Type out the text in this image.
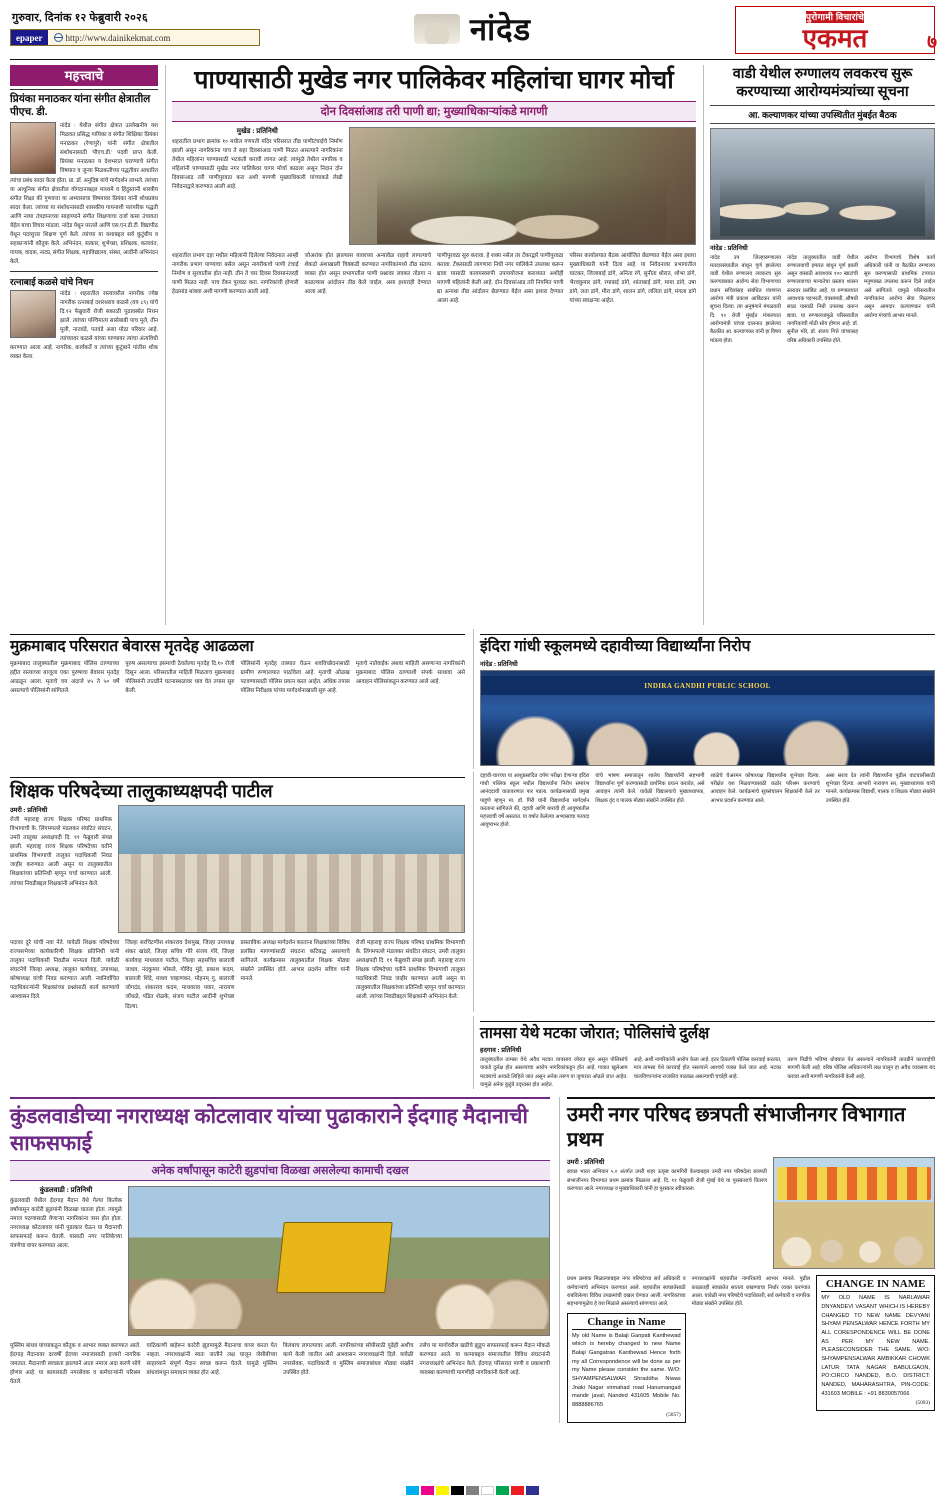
गुरुवार, दिनांक १२ फेब्रुवारी २०२६
epaper	http://www.dainikekmat.com	नांदेड	पुरोगामी विचारांचे
एकमत	७
महत्त्वाचे
प्रियंका मनाठकर यांना संगीत क्षेत्रातील पीएच. डी.
नांदेड : येथील संगीत क्षेत्रात उल्लेखनीय यश मिळवत प्रसिद्ध गायिका व संगीत शिक्षिका प्रियंका मनाठकर (रेणापुरे) यांनी संगीत क्षेत्रातील संशोधनासाठी 'पीएच.डी.' पदवी प्राप्त केली. प्रियंका मनाठकर य देशभरात घराण्याचे संगीत विषयात व जुन्या मिळकतीच्या पद्धतीवर आधारित त्यांचा प्रबंध सादर केला होता. प्रा. डॉ. अनुदिष्ठ यांचे मार्गदर्शन लाभले. त्यांच्या या आधुनिक संगीत क्षेत्रातील योगदानाबद्दल माध्यमे व हिंदुस्तानी शास्त्रीय संगीत शिक्षा की गुणवत्ता या अभ्यासाचा विषयावर प्रियंका यांनी शोधप्रबंध सादर केला. त्यांच्या या संशोधनासाठी शासकीय गायनाशी पारंपरिक पद्धती आणि नव्या तंत्रज्ञानाच्या साहाय्याने संगीत शिक्षणाचा दर्जा कसा उंचावता येईल याचा विचार मांडला. नांदेड येथून परतले आणि एस.एन.डी.टी. विद्यापीठ येथून पदव्युत्तर शिक्षण पूर्ण केले. त्यांच्या या यशाबद्दल सर्व कुटुंबीय व सहकाऱ्यांनी कौतुक केले. अभिनंदन, सत्कार, शुभेच्छा, प्रशिक्षक, कलावंत, गायक, वादक, नाट्य, संगीत शिक्षक, महाविद्यालय, संस्था, आदींनी अभिनंदन केले.
रत्नाबाई कळसे यांचे निधन
नांदेड : शहरातील रस्त्यावरील नागरीक ज्येष्ठ नागरीक रत्नाबाई दशरथराव कळसे (वय ८९) यांचे दि.१२ फेब्रुवारी रोजी सकाळी पुढावस्थेत निधन झाले. त्यांच्या पश्चिमात्य सासेबाबी पाच मुले, तीन मुली, नातवंडे, पतवंडे असा मोठा परिवार आहे. त्यांच्यावर कळसे यांच्या पाण्यावर त्यांचा अंत्यविधी करण्यात आला आहे. नागरीक, कार्यकर्ते व त्यांच्या कुटुंबाने पांतीस शोक व्यक्त केला.
पाण्यासाठी मुखेड नगर पालिकेवर महिलांचा घागर मोर्चा
दोन दिवसांआड तरी पाणी द्या; मुख्याधिकाऱ्यांकडे मागणी
मुखेड : प्रतिनिधी
शहरातील प्रभाग क्रमांक १० मधील गणपती मंदिर परिसरात तीव्र पाणीटंचाईचे निर्माण झाली असून नागरिकांना पाच ते सहा दिवसांआड पाणी मिळत असल्याने नागरिकांना तेथील महिलांना पाण्यासाठी भटकंती करावी लागत आहे. त्यामुळे तेथील नागरिक व महिलांनी पाण्यासाठी मुखेड नगर पालिकेवर घागर मोर्चा काढला असून निदान दोन दिवसांआड तरी पाणीपुरवठा करा अशी मागणी मुख्याधिकारी यांच्याकडे लेखी निवेदनाद्वारे करण्यात आली आहे.
शहरातील प्रभाग दहा मधील महिलांनी दिलेल्या निवेदनात आम्ही नागरीक प्रभाग पाण्याचा बसेल असून नागरीकाचे पाणी टंचाई निर्माण व सुरवातीस होत नाही. तीन ते चार दिवस दिवसानंतरही पाणी मिळत नाही. पाच टँकर पुरवठा करा. नागरिकांची होणारी हेळसांड थांबवा अशी मागणी करण्यात आली आहे.
जोअरांक होत झाल्यास यावरच्या अन्यावेळ राहावे लागल्याचे शेकडो अंशाखाली चिक्कडी करण्यात नागरिकांमध्ये तीव्र संताप व्यक्त होत असून प्रभागातील पाणी प्रश्नावर लवकर तोडगा न काढल्यास आंदोलन तीव्र केले जाईल, असा इशाराही देण्यात आला आहे.
पाणीपुरवठा सुरु करावा. हे शक्य नसेल तर टँकरद्वारे पाणीपुरवठा करावा. टँकरसाठी लागणारा निधी नगर पालिकेने उपलब्ध करून द्यावा यासाठी कायमस्वरुपी उपाययोजना कराव्यात अशीही मागणी महिलांनी केली आहे. दोन दिवसांआड तरी नियमित पाणी द्या अन्यथा तीव्र आंदोलन छेडण्यात येईल असा इशारा देण्यात आला आहे.
परिसर कार्यालयात बैठक आयोजित छेडण्यात येईल असा इशारा मुख्याधिकारी यांनी दिला आहे. या निवेदनावर प्रभागातील घाटकर, जिजाबाई डांगे, अनिता रंगे, सुनीता थोरात, शोभा डांगे, भैरवकुमार डांगे, रमाबाई डांगे, शांताबाई डांगे, माया डांगे, उषा डांगे, लता डांगे, मीरा डांगे, शालन डांगे, ललिता डांगे, मंगला डांगे यांच्या स्वाक्षऱ्या आहेत.
वाडी येथील रुग्णालय लवकरच सुरू करण्याच्या आरोग्यमंत्र्यांच्या सूचना
आ. कल्याणकर यांच्या उपस्थितीत मुंबईत बैठक
नांदेड : प्रतिनिधी
नांदेड उप जिल्हारुग्णालय मतदारसंघातील बांधून पूर्ण झालेल्या वाडी येथील रुग्णालय लवकरच सुरु करण्याबाबत आरोग्य सेवा विभागाच्या प्रधान सचिवांसह संबंधित यंत्रणांना आरोग्य मंत्री प्रकाश आबिटकर यांनी सूचना दिल्या. त्या अनुषंगाने मंगळवारी दि. १० रोजी मुंबईत मंत्रालयात आरोग्यमंत्री यांच्या दालनात झालेल्या बैठकीत आ. कल्याणकर यांनी हा विषय मांडला होता.
नांदेड तालुक्यातील वाडी येथील रुग्णालयाची इमारत बांधून पूर्ण झाली असून यासाठी आवश्यक १०० खाटांची रुग्णालयाच्या मान्यतेचा प्रस्ताव शासन स्तरावर प्रलंबित आहे. या रुग्णालयात आवश्यक पदभरती, यंत्रसामग्री, औषधी साठा यासाठी निधी उपलब्ध करून द्यावा. या रुग्णालयामुळे परिसरातील नागरिकांची मोठी सोय होणार आहे. डॉ. सुनील मोरे, डॉ. संजय गित्ते यांच्यासह वरिष्ठ अधिकारी उपस्थित होते.
आरोग्य विभागाचे विशेष कार्य अधिकारी यांनी या बैठकीत रुग्णालय सुरु करण्यासाठी प्राथमिक टप्प्यात मनुष्यबळ उपलब्ध करून दिले जाईल असे सांगितले. यामुळे परिसरातील नागरिकांना आरोग्य सेवा मिळणार असून आमदार कल्याणकर यांनी आरोग्य मंत्र्यांचे आभार मानले.
मुक्रमाबाद परिसरात बेवारस मृतदेह आढळला
मुक्रमाबाद तालुक्यातील मुक्रमाबाद पोलिस ठाण्याच्या हद्दीत रस्त्याच्या बाजूला एका पुरुषाचा बेवारस मृतदेह आढळून आला. मृताचे वय अंदाजे ४५ ते ५० वर्षे असल्याचे पोलिसांनी सांगितले.
पुरुष असल्याचा इसमाची ठेवलेल्या मृतदेह दि.१० रोजी दिसून आला. परिसरातील माहिती मिळताच मुक्रमाबाद पोलिसांनी तातडीने घटनास्थळावर धाव घेत तपास सुरु केली.
पोलिसांनी मृतदेह ताब्यात घेऊन शवविच्छेदनासाठी ग्रामीण रुग्णालयात पाठविला आहे. मृताची ओळख पटवण्यासाठी पोलिस प्रयत्न करत आहेत. अधिक तपास पोलिस निरीक्षक यांच्या मार्गदर्शनाखाली सुरु आहे.
मृताचे नातेवाईक अथवा माहिती असणाऱ्या नागरिकांनी मुक्रमाबाद पोलिस ठाण्याशी संपर्क साधावा असे आवाहन पोलिसांकडून करण्यात आले आहे.
इंदिरा गांधी स्कूलमध्ये दहावीच्या विद्यार्थ्यांना निरोप
नांदेड : प्रतिनिधी
INDIRA GANDHI PUBLIC SCHOOL
शिक्षक परिषदेच्या तालुकाध्यक्षपदी पाटील
उमरी : प्रतिनिधी
रोजी महाराष्ट्र राज्य शिक्षक परिषद प्राथमिक विभागाची के. लिंगमपल्ले मंडलकर संघटित संघटन, उमरी तालुका अध्यक्षपदी दि. ११ फेब्रुवारी संपन्न झाली. महाराष्ट्र राज्य शिक्षक परिषदेच्या वतीने प्राथमिक विभागाची तालुका पदाधिकारी निवड जाहीर करण्यात आली असून या तालुक्यातील शिक्षकांच्या प्रतिनिधी म्हणून चर्चा करण्यात आली. त्यांच्या निवडीबद्दल शिक्षकांनी अभिनंदन केले.
पदावर दुरे यांची नवा नेते. यावेळी शिक्षक परिषदेच्या राज्यसभेच्या कार्यकारिणी शिक्षक प्रतिनिधी यांनी तालुका पदाधिकारी निवडीस मान्यता दिली. यावेळी संघटनेचे जिल्हा अध्यक्ष, तालुका कार्यवाह, उपाध्यक्ष, कोषाध्यक्ष यांची निवड करण्यात आली. नवनिर्वाचित पदाधिकाऱ्यांनी शिक्षकांच्या प्रश्नांसाठी कार्य करण्याचे आश्वासन दिले.
जिल्हा सरचिटणीस शंकरराव देशमुख, जिल्हा उपाध्यक्ष शंकर खांडरे, जिल्हा सचिव गोरे संजय गोरे, जिल्हा कार्यवाह माधवराव पाटील, जिल्हा सहसचिव बालाजी जाधव, नंदकुमार भोसले, गोविंद मुंडे, प्रकाश कदम, बालाजी शिंदे, माधव चव्हाणकर, मोहनम् गु, बालाजी जोगदंड, शंकरराव कदम, माधवराव पवार, नारायण जोंधळे, पंडित शेळके, संजय पाटील आदींनी शुभेच्छा दिल्या.
प्रास्ताविक अध्यक्ष मार्गदर्शन करताना शिक्षकांच्या विविध प्रलंबित मागण्यांसाठी संघटना कटिबद्ध असल्याचे सांगितले. कार्यक्रमास तालुक्यातील शिक्षक मोठ्या संख्येने उपस्थित होते. आभार प्रदर्शन सचिव यांनी मानले.
रोजी महाराष्ट्र राज्य शिक्षक परिषद प्राथमिक विभागाची के. लिंगमपल्ले मंडलकर संघटित संघटन, उमरी तालुका अध्यक्षपदी दि. ११ फेब्रुवारी संपन्न झाली. महाराष्ट्र राज्य शिक्षक परिषदेच्या वतीने प्राथमिक विभागाची तालुका पदाधिकारी निवड जाहीर करण्यात आली असून या तालुक्यातील शिक्षकांच्या प्रतिनिधी म्हणून चर्चा करण्यात आली. त्यांच्या निवडीबद्दल शिक्षकांनी अभिनंदन केले.
दहावी-चारच्या या आशुप्रसादित दर्पण परीक्षा देणाऱ्या इंदिरा गांधी पब्लिक स्कूल मधील विद्यार्थ्यांना निरोप समारंभ आनंददायी वातावरणात पार पडला. कार्यक्रमासाठी प्रमुख पाहुणे म्हणून मा. डॉ. गिरी यांनी विद्यार्थ्यांना मार्गदर्शन करताना सांगितले की, दहावी आणि बारावी ही आयुष्यातील महत्त्वाची वर्षे असतात. या वर्षात केलेल्या अभ्यासाचा फायदा आयुष्यभर होतो.
यांचे भाषण समाजातून शालेय विद्यार्थ्यांनी सहभागी विद्यार्थ्यांना पूर्ण करण्यासाठी प्रार्थनिक प्रयत्न करावेत, असे आवाहन त्यांनी केले. यावेळी विद्यालयाचे मुख्याध्यापक, शिक्षक वृंद व पालक मोठ्या संख्येने उपस्थित होते.
शाळेचे चेअरमन कोषाध्यक्ष विद्यार्थ्यांना शुभेच्छा दिल्या. परीक्षेत यश मिळवण्यासाठी कठोर परिश्रम करण्याचे आवाहन केले. कार्यक्रमाचे सूत्रसंचालन शिक्षकांनी केले तर आभार प्रदर्शन करण्यात आले.
असा सराव देत त्यांनी विद्यार्थ्यांना पुढील वाटचालीसाठी शुभेच्छा दिल्या. आभारी नारायण सर, मुख्याध्यापक यांनी मानले. कार्यक्रमास विद्यार्थी, पालक व शिक्षक मोठ्या संख्येने उपस्थित होते.
तामसा येथे मटका जोरात; पोलिसांचे दुर्लक्ष
हदगाव : प्रतिनिधी
तालुक्यातील तामसा येथे अवैध मटका व्यवसाय जोरात सुरु असून पोलिसांचे याकडे दुर्लक्ष होत असल्याचा आरोप नागरिकांकडून होत आहे. गावात खुलेआम मटक्याचे आकडे लिहिले जात असून अनेक तरुण या जुगारात ओढले जात आहेत. यामुळे अनेक कुटुंबे उद्ध्वस्त होत आहेत.
आहे. अशी नागरिकांनी आरोप केला आहे. इतर ठिकाणी पोलिस कारवाई करतात, मात्र तामसा येथे कारवाई होत नसल्याने आश्चर्य व्यक्त केले जात आहे. मटका चालविणाऱ्यांना राजकीय पाठबळ असल्याची चर्चाही आहे.
तरुण पिढीचे भविष्य धोक्यात येत असल्याने नागरिकांनी तातडीने कारवाईची मागणी केली आहे. वरिष्ठ पोलिस अधिकाऱ्यांनी लक्ष घालून हा अवैध व्यवसाय बंद करावा अशी मागणी नागरिकांनी केली आहे.
कुंडलवाडीच्या नगराध्यक्ष कोटलावार यांच्या पुढाकाराने ईदगाह मैदानाची साफसफाई
अनेक वर्षांपासून काटेरी झुडपांचा विळखा असलेल्या कामाची दखल
कुंडलवाडी : प्रतिनिधी
कुंडलवाडी येथील ईदगाह मैदान येथे गेल्या कित्येक वर्षांपासून काटेरी झुडपांनी विळखा घातला होता. त्यामुळे नमाज पठणासाठी येणाऱ्या नागरिकांना त्रास होत होता. नगराध्यक्ष कोटलावार यांनी पुढाकार घेऊन या मैदानाची साफसफाई करून घेतली. यासाठी नगर पालिकेच्या यंत्रणेचा वापर करण्यात आला.
मुस्लिम बांधव यांच्याकडून कौतुक व आभार व्यक्त करण्यात आले. ईदगाह मैदानावर दरवर्षी ईदच्या नमाजासाठी हजारो नागरिक जमतात. मैदानाची स्वच्छता झाल्याने आता नमाज अदा करणे सोपे होणार आहे. या कामासाठी नगरसेवक व कर्मचाऱ्यांनी परिश्रम घेतले.
याठिकाणी बाहेरून काटेरी झुडपामुळे मैदानाचा वापर करता येत नव्हता. नगराध्यक्षांनी स्वतः जातीने लक्ष घालून जेसीबीच्या साहाय्याने संपूर्ण मैदान स्वच्छ करून घेतले. यामुळे मुस्लिम बांधवांमधून समाधान व्यक्त होत आहे.
विलंबाच लागल्यावर आली. नागरिकांच्या सोयीसाठी पुढेही अशीच कामे केली जातील असे आश्वासन नगराध्यक्षांनी दिले. यावेळी नगरसेवक, पदाधिकारी व मुस्लिम समाजबांधव मोठ्या संख्येने उपस्थित होते.
तसेच या मार्गावरील खडीचे झुडूप साफसफाई करून मैदान मोकळे करण्यात आले. या कामाबद्दल समाजातील विविध संघटनांनी नगराध्यक्षांचे अभिनंदन केले. ईदगाह परिसरात पाणी व प्रकाशाची व्यवस्था करण्याची मागणीही नागरिकांनी केली आहे.
उमरी नगर परिषद छत्रपती संभाजीनगर विभागात प्रथम
उमरी : प्रतिनिधी
स्वच्छ भारत अभियान ५.० अंतर्गत उमरी शहर उत्कृष्ट कामगिरी केल्याबद्दल उमरी नगर परिषदेला छत्रपती संभाजीनगर विभागात प्रथम क्रमांक मिळाला आहे. दि. ११ फेब्रुवारी रोजी मुंबई येथे या पुरस्काराचे वितरण करण्यात आले. नगराध्यक्ष व मुख्याधिकारी यांनी हा पुरस्कार स्वीकारला.
प्रथम क्रमांक मिळाल्याबद्दल नगर परिषदेच्या सर्व अधिकारी व कर्मचाऱ्यांचे अभिनंदन करण्यात आले. शहरातील स्वच्छतेसाठी राबविलेल्या विविध उपक्रमांची दखल घेण्यात आली. नागरिकांच्या सहभागामुळेच हे यश मिळाले असल्याचे सांगण्यात आले.
Change in Name
My old Name is Balaji Ganpati Kanthewad which is hereby changed to new Name Balaji Gangatrao Kanthewad Hence forth my all Correspondence will be done as per my Name please consider the same. W/O: SHYAMPENSALWAR Shraddha Niwas Jnaki Nagar virmahad road Hanumangad mandir javal, Nanded 431605 Mobile No. 8888886765
(5057)
नगराध्यक्षांनी शहरातील नागरिकांचे आभार मानले. पुढील काळातही स्वच्छतेत सातत्य राखण्याचा निर्धार व्यक्त करण्यात आला. यावेळी नगर परिषदेचे पदाधिकारी, सर्व कर्मचारी व नागरिक मोठ्या संख्येने उपस्थित होते.
CHANGE IN NAME
MY OLD NAME IS NARLAWAR DNYANDEVI VASANT WHICH IS HEREBY CHANGED TO NEW NAME DEVYANI SHYAM PENSALWAR HENCE FORTH MY ALL CORESPONDENCE WILL BE DONE AS PER MY NEW NAME. PLEASECONSIDER THE SAME. W/O: SHYAMPENSALWAR AMBIKKAR CHOWK LATUR TATA NAGAR BABULGAON, PO:CIRCO NANDED, B.O. DISTRICT: NANDED, MAHARASHTRA, PIN-CODE: 431603 MOBILE : +91 8830057066
(5093)
